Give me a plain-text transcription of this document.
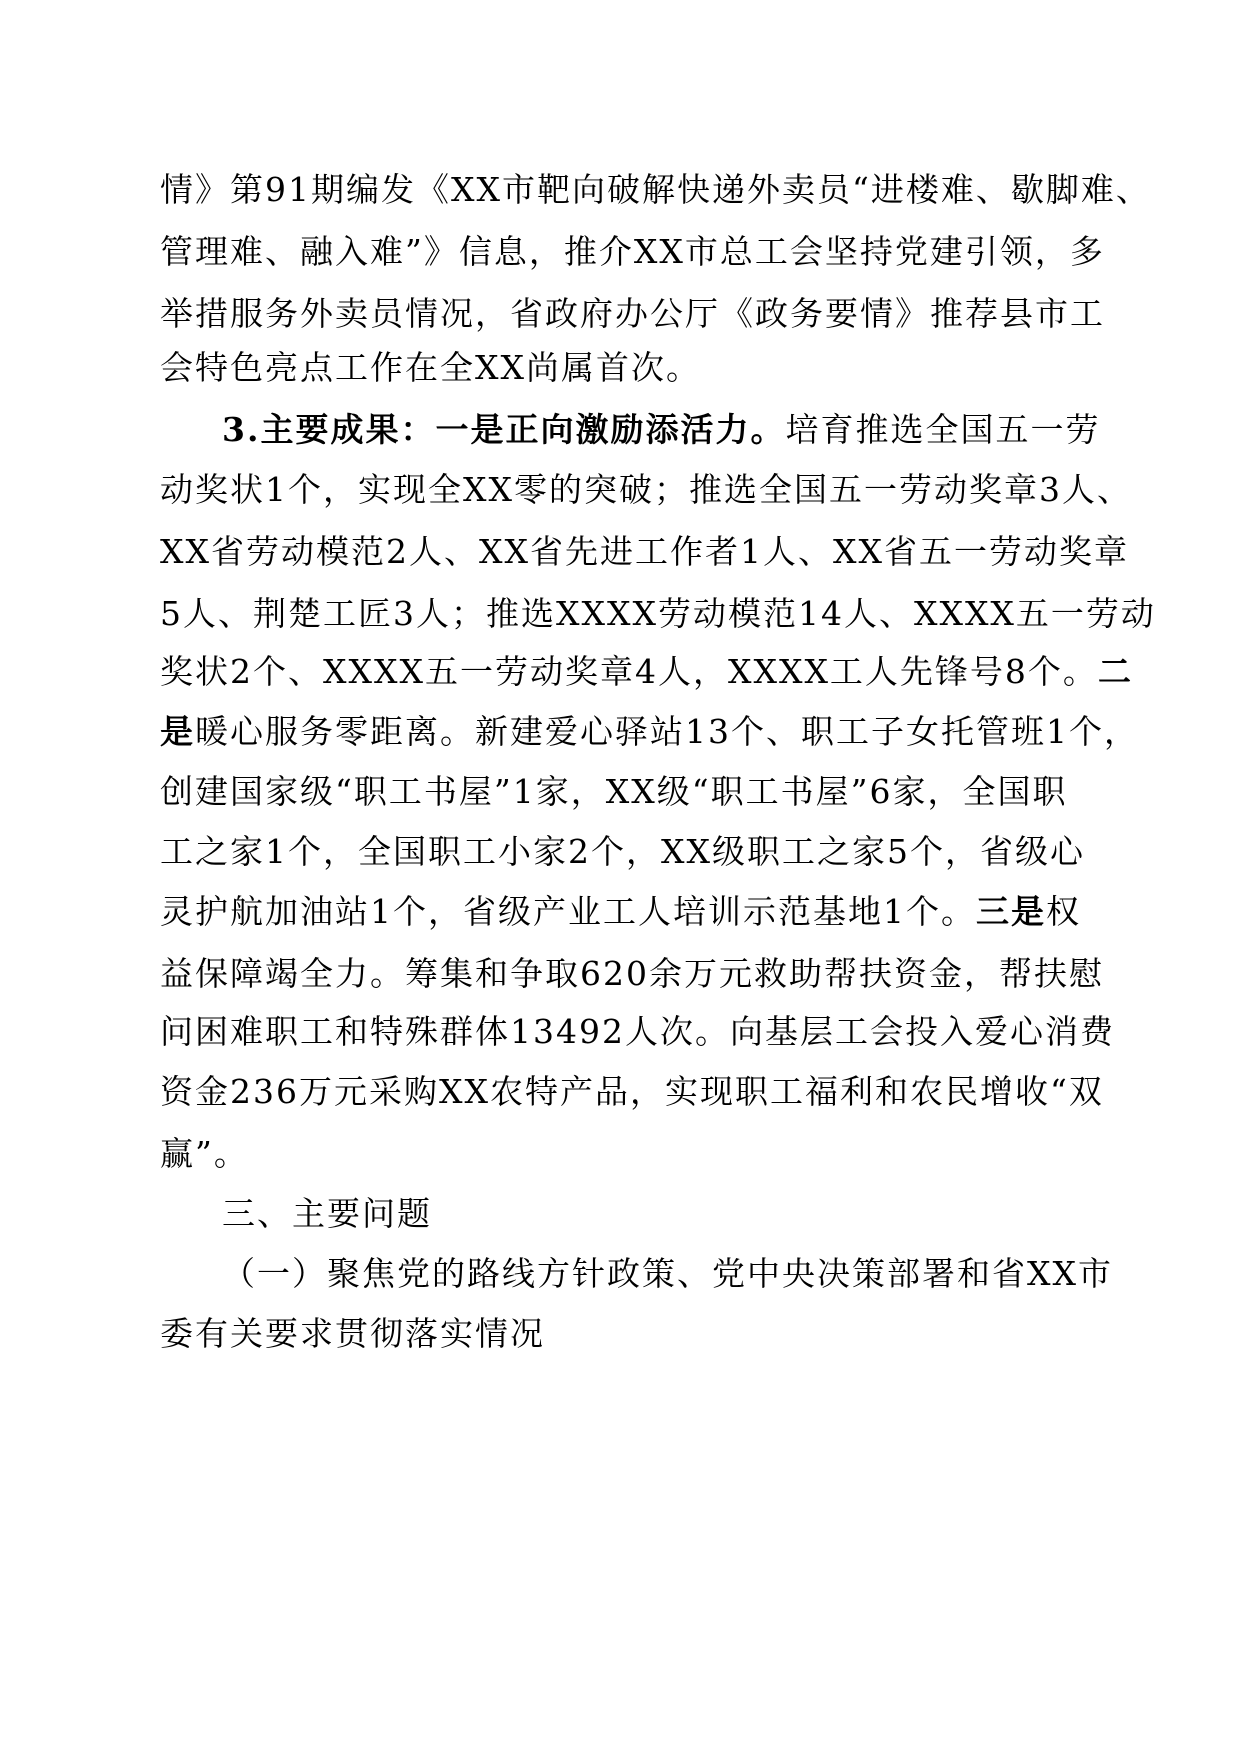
情》第91期编发《XX市靶向破解快递外卖员“进楼难、歇脚难、

管理难、融入难”》信息，推介XX市总工会坚持党建引领，多

举措服务外卖员情况，省政府办公厅《政务要情》推荐县市工

会特色亮点工作在全XX尚属首次。

3.主要成果：一是正向激励添活力。培育推选全国五一劳

动奖状1个，实现全XX零的突破；推选全国五一劳动奖章3人、

XX省劳动模范2人、XX省先进工作者1人、XX省五一劳动奖章

5人、荆楚工匠3人；推选XXXX劳动模范14人、XXXX五一劳动

奖状2个、XXXX五一劳动奖章4人，XXXX工人先锋号8个。二

是暖心服务零距离。新建爱心驿站13个、职工子女托管班1个，

创建国家级“职工书屋”1家，XX级“职工书屋”6家，全国职

工之家1个，全国职工小家2个，XX级职工之家5个，省级心

灵护航加油站1个，省级产业工人培训示范基地1个。三是权

益保障竭全力。筹集和争取620余万元救助帮扶资金，帮扶慰

问困难职工和特殊群体13492人次。向基层工会投入爱心消费

资金236万元采购XX农特产品，实现职工福利和农民增收“双

赢”。

三、主要问题

（一）聚焦党的路线方针政策、党中央决策部署和省XX市

委有关要求贯彻落实情况
